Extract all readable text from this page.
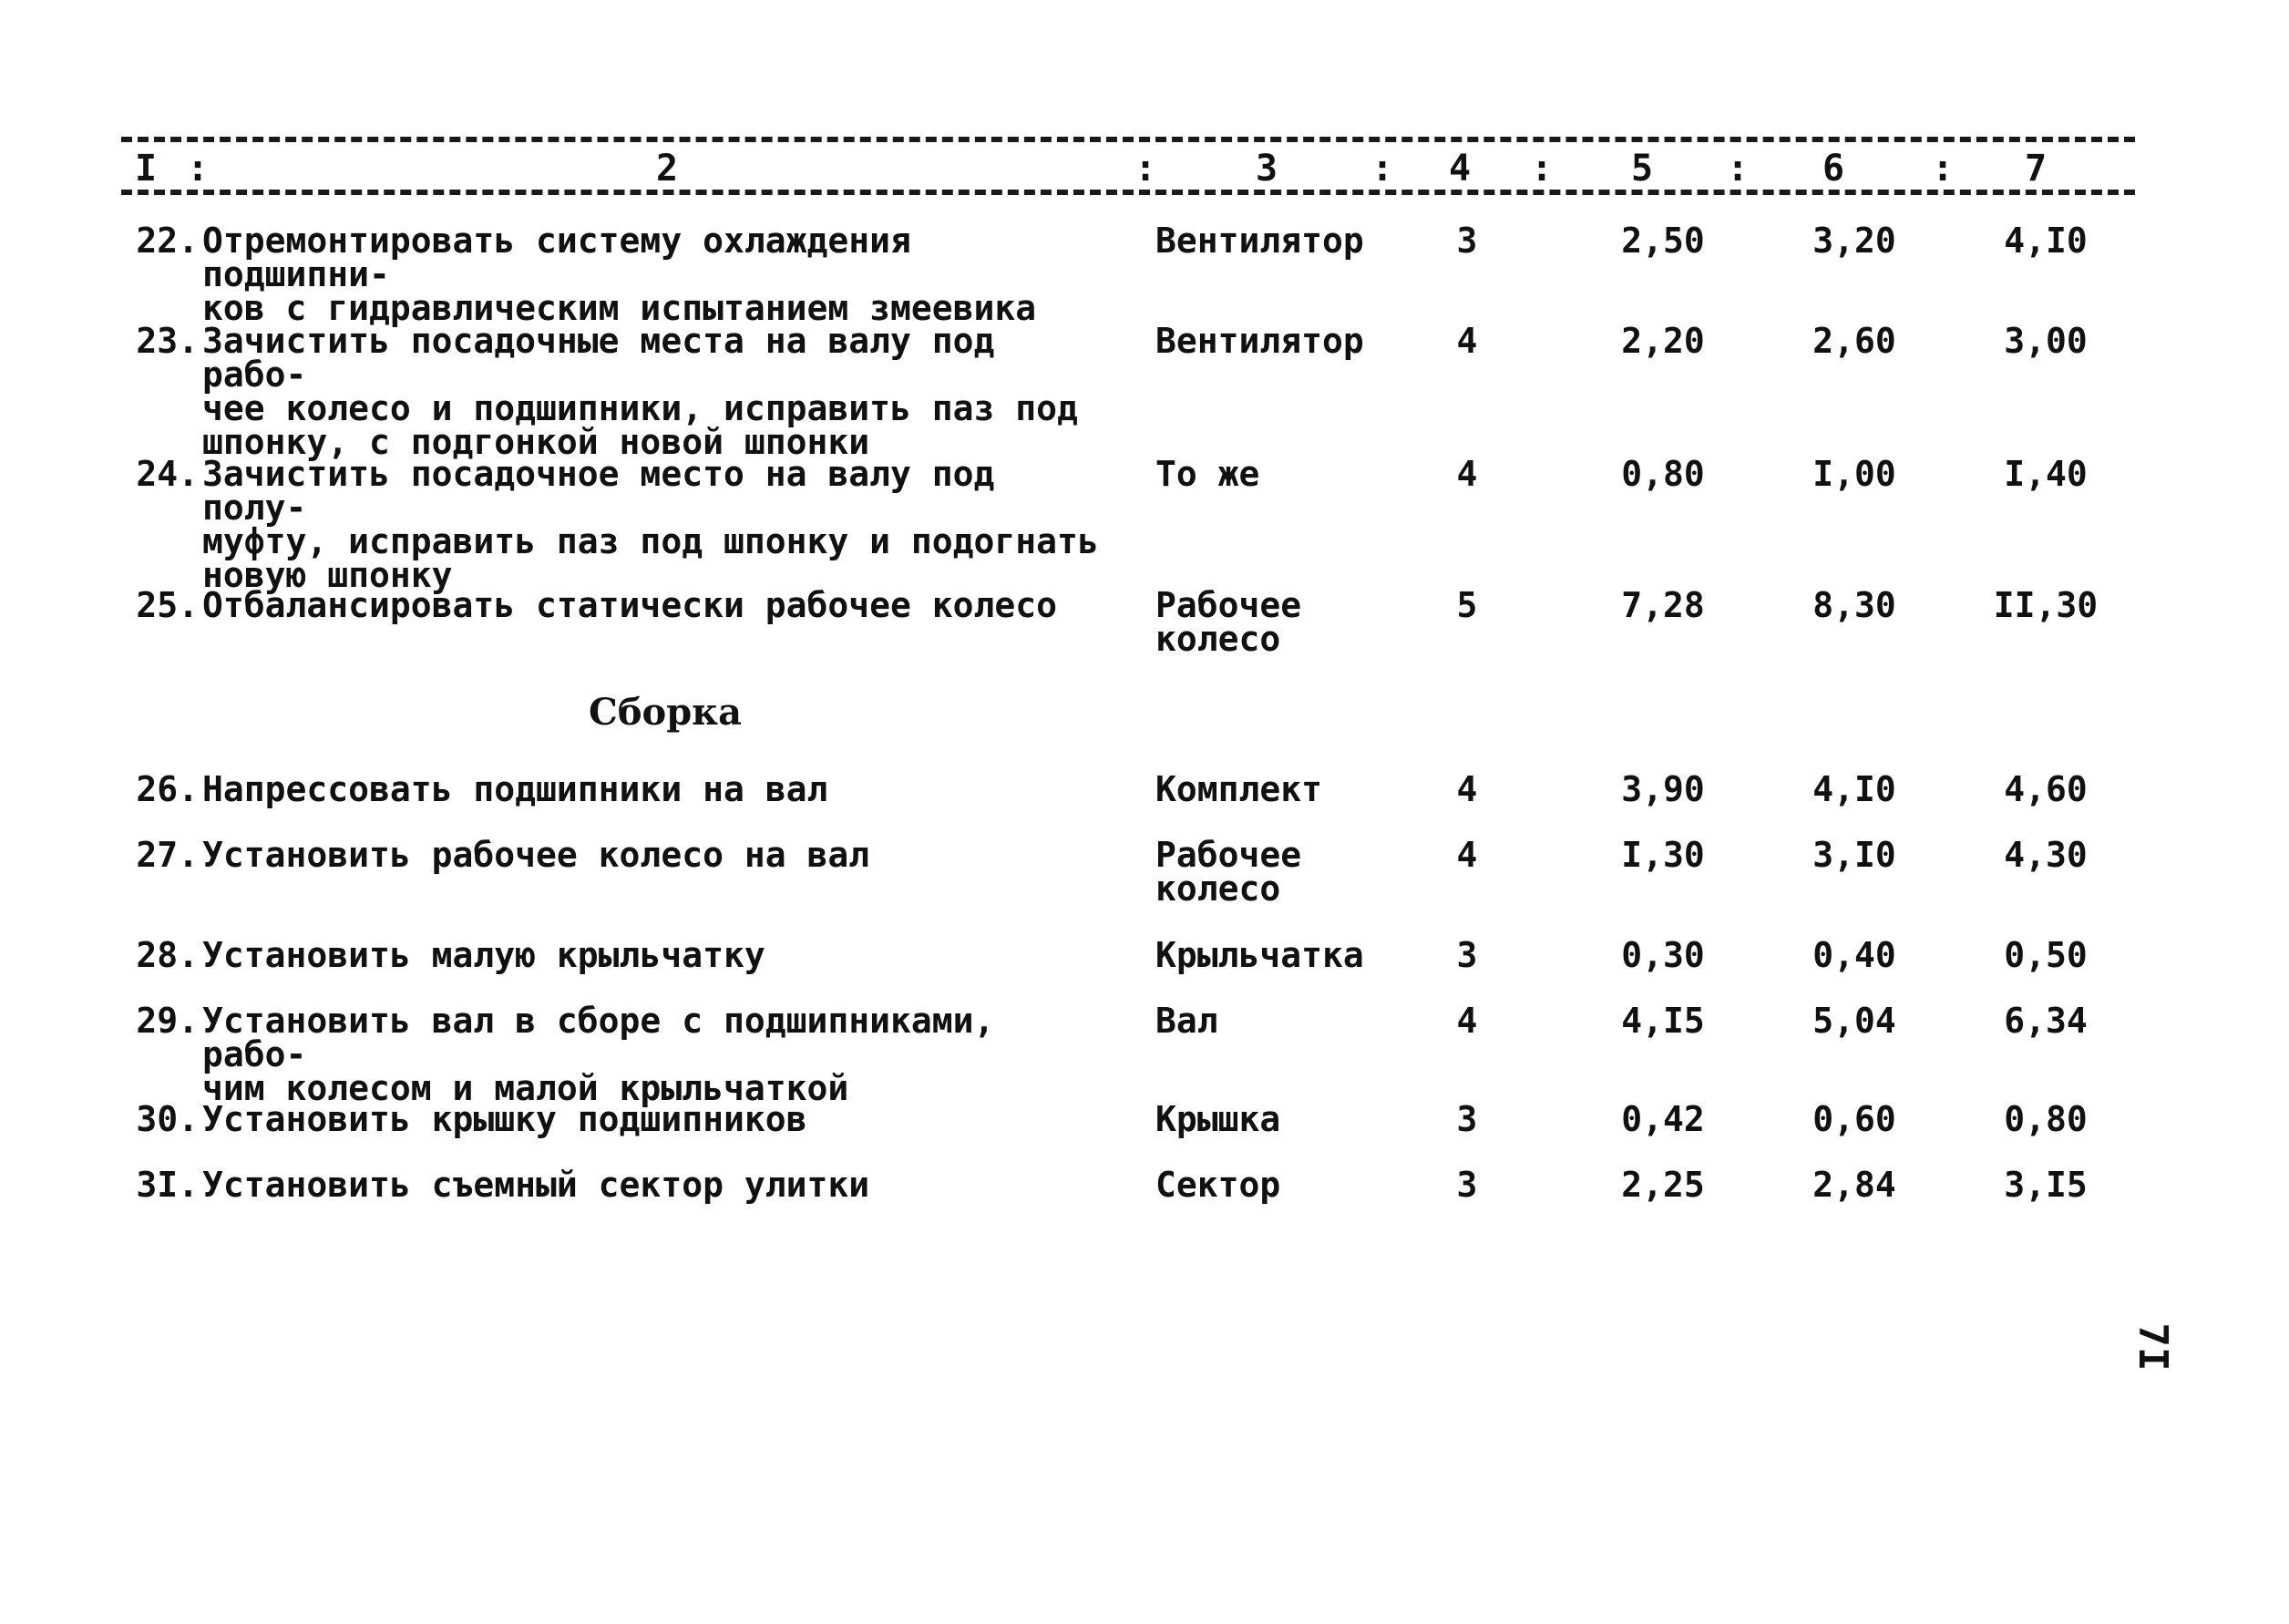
I :	2	:	3	: 4 : 5 : 6 : 7
22. Отремонтировать систему охлаждения подшипни-
ков с гидравлическим испытанием змеевика
Вентилятор	3	2,50	3,20	4,I0
23. Зачистить посадочные места на валу под рабо-
чее колесо и подшипники, исправить паз под
шпонку, с подгонкой новой шпонки
Вентилятор	4	2,20	2,60	3,00
24. Зачистить посадочное место на валу под полу-
муфту, исправить паз под шпонку и подогнать
новую шпонку
То же	4	0,80	I,00	I,40
25. Отбалансировать статически рабочее колесо	Рабочее
колесо
5	7,28	8,30	II,30
Сборка
26. Напрессовать подшипники на вал	Комплект	4	3,90	4,I0	4,60
27. Установить рабочее колесо на вал	Рабочее
колесо
4	I,30	3,I0	4,30
28. Установить малую крыльчатку	Крыльчатка	3	0,30	0,40	0,50
29. Установить вал в сборе с подшипниками, рабо-
чим колесом и малой крыльчаткой
Вал	4	4,I5	5,04	6,34
30. Установить крышку подшипников	Крышка	3	0,42	0,60	0,80
3I. Установить съемный сектор улитки	Сектор	3	2,25	2,84	3,I5
7I
